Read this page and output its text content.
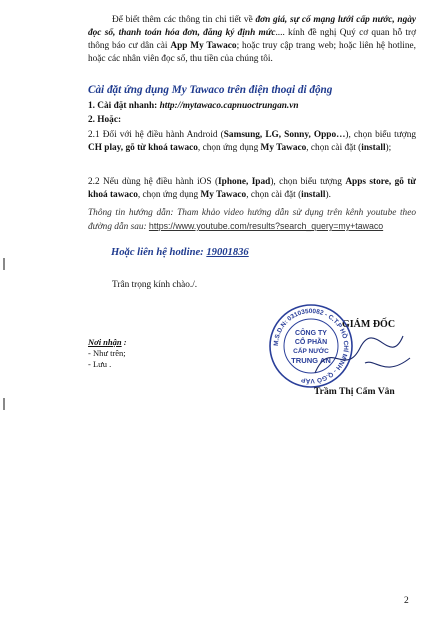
Để biết thêm các thông tin chi tiết về đơn giá, sự cố mạng lưới cấp nước, ngày đọc số, thanh toán hóa đơn, đăng ký định mức.... kính đề nghị Quý cơ quan hỗ trợ thông báo cư dân cài App My Tawaco; hoặc truy cập trang web; hoặc liên hệ hotline, hoặc các nhân viên đọc số, thu tiền của chúng tôi.
Cài đặt ứng dụng My Tawaco trên điện thoại di động
1. Cài đặt nhanh: http://mytawaco.capnuoctrungan.vn
2. Hoặc:
2.1 Đối với hệ điều hành Android (Samsung, LG, Sonny, Oppo…), chọn biểu tượng CH play, gõ từ khoá tawaco, chọn ứng dụng My Tawaco, chọn cài đặt (install);
2.2 Nếu dùng hệ điều hành iOS (Iphone, Ipad), chọn biểu tượng Apps store, gõ từ khoá tawaco, chọn ứng dụng My Tawaco, chọn cài đặt (install).
Thông tin hướng dẫn: Tham khảo video hướng dẫn sử dụng trên kênh youtube theo đường dẫn sau: https://www.youtube.com/results?search_query=my+tawaco
Hoặc liên hệ hotline: 19001836
Trân trọng kính chào./.
Nơi nhận :
- Như trên;
- Lưu .
GIÁM ĐỐC
M.S.D.N: 0310350082 - C.T.P HỒ CHÍ MINH - Q.GÒ VẤP
CÔNG TY
CỔ PHẦN
CẤP NƯỚC
TRUNG AN
Trầm Thị Cẩm Vân
2
